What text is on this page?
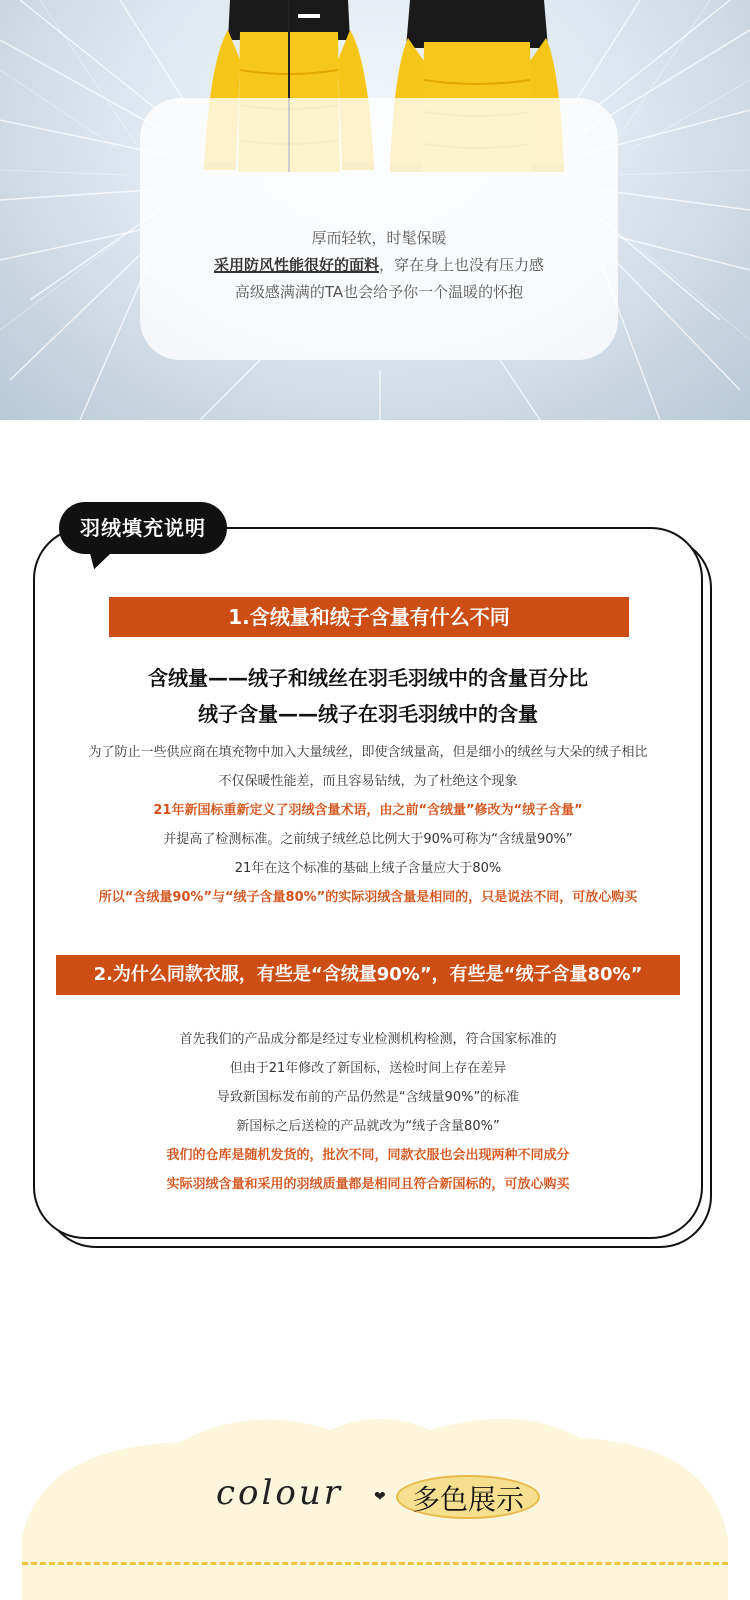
厚而轻软，时髦保暖
采用防风性能很好的面料，穿在身上也没有压力感
高级感满满的TA也会给予你一个温暖的怀抱
羽绒填充说明
1.含绒量和绒子含量有什么不同
含绒量——绒子和绒丝在羽毛羽绒中的含量百分比
绒子含量——绒子在羽毛羽绒中的含量
为了防止一些供应商在填充物中加入大量绒丝，即使含绒量高，但是细小的绒丝与大朵的绒子相比
不仅保暖性能差，而且容易钻绒，为了杜绝这个现象
21年新国标重新定义了羽绒含量术语，由之前“含绒量”修改为“绒子含量”
并提高了检测标准。之前绒子绒丝总比例大于90%可称为“含绒量90%”
21年在这个标准的基础上绒子含量应大于80%
所以“含绒量90%”与“绒子含量80%”的实际羽绒含量是相同的，只是说法不同，可放心购买
2.为什么同款衣服，有些是“含绒量90%”，有些是“绒子含量80%”
首先我们的产品成分都是经过专业检测机构检测，符合国家标准的
但由于21年修改了新国标，送检时间上存在差异
导致新国标发布前的产品仍然是“含绒量90%”的标准
新国标之后送检的产品就改为“绒子含量80%”
我们的仓库是随机发货的，批次不同，同款衣服也会出现两种不同成分
实际羽绒含量和采用的羽绒质量都是相同且符合新国标的，可放心购买
colour ❤ 多色展示
